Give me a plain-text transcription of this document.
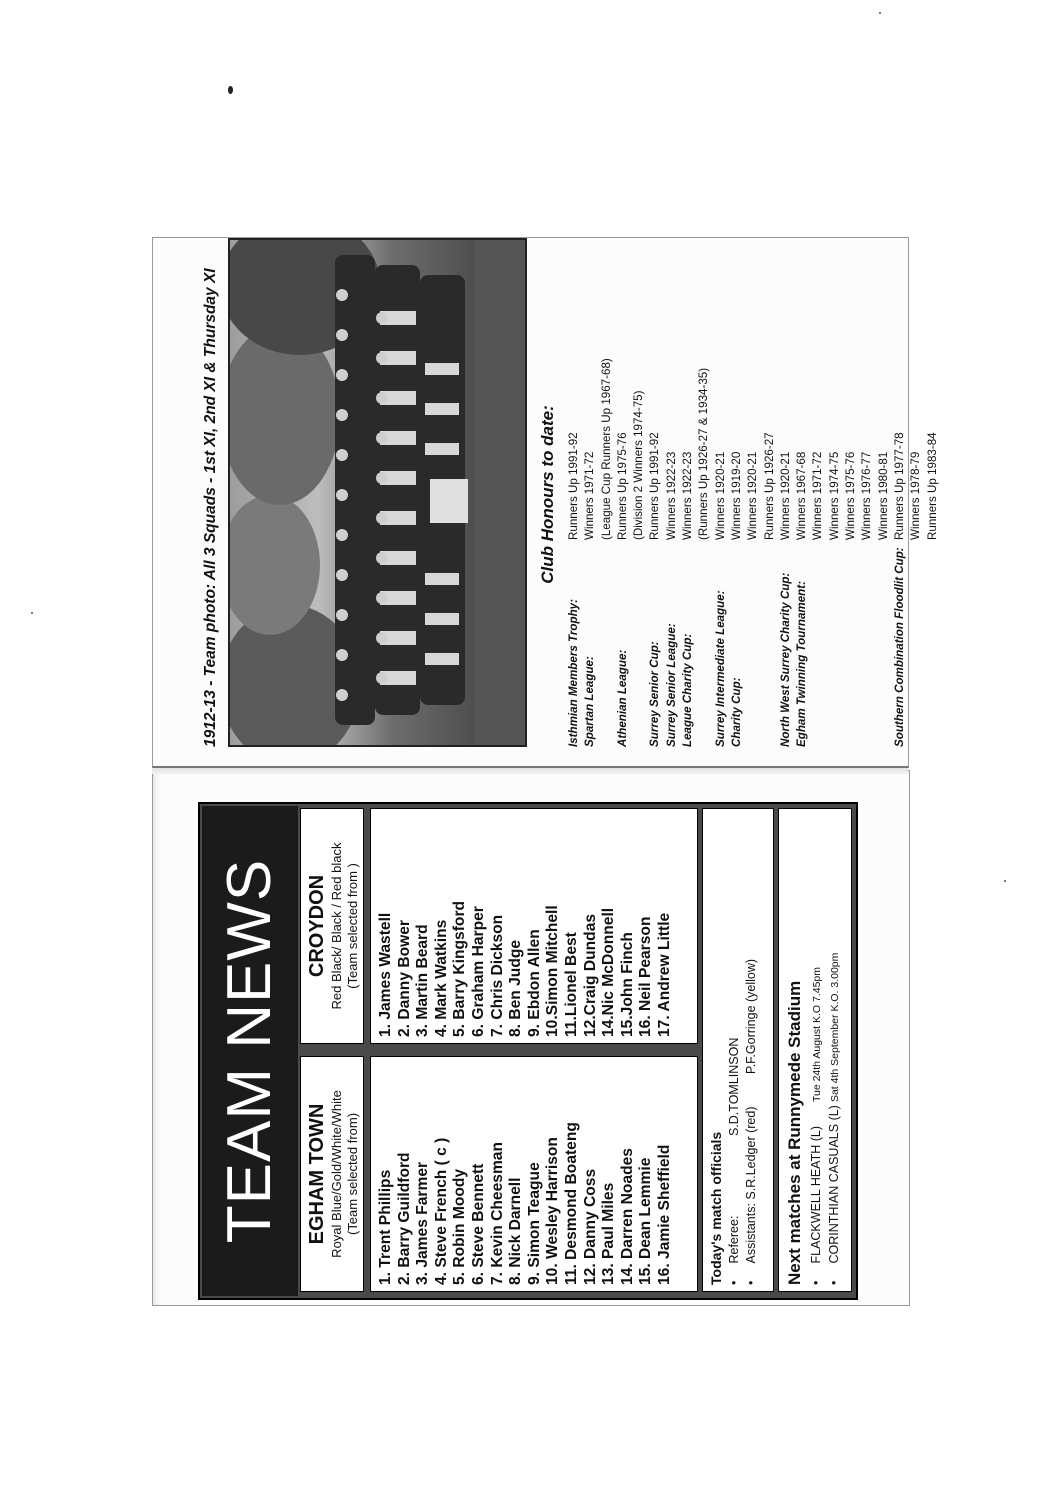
TEAM NEWS	EGHAM TOWN Royal Blue/Gold/White/White (Team selected from)
CROYDON Red Black/ Black / Red black (Team selected from )
1. Trent Phillips 2. Barry Guildford 3. James Farmer 4. Steve French ( c ) 5. Robin Moody 6. Steve Bennett 7. Kevin Cheesman 8. Nick Darnell 9. Simon Teague 10. Wesley Harrison 11. Desmond Boateng 12. Danny Coss 13. Paul Miles 14. Darren Noades 15. Dean Lemmie 16. Jamie Sheffield
1. James Wastell 2. Danny Bower 3. Martin Beard 4. Mark Watkins 5. Barry Kingsford 6. Graham Harper 7. Chris Dickson 8. Ben Judge 9. Ebdon Allen 10.Simon Mitchell 11.Lionel Best 12.Craig Dundas 14.Nic McDonnell 15.John Finch 16. Neil Pearson 17. Andrew Little
Today's match officials • Referee: S.D.TOMLINSON
• Assistants: S.R.Ledger (red) P.F.Gorringe (yellow) Next matches at Runnymede Stadium • FLACKWELL HEATH (L) Tue 24th August K.O 7.45pm
• CORINTHIAN CASUALS (L) Sat 4th September K.O. 3.00pm
1912-13 - Team photo: All 3 Squads - 1st XI, 2nd XI & Thursday XI	Club Honours to date:
Isthmian Members Trophy:
Runners Up 1991-92
Spartan League:
Winners 1971-72 (League Cup Runners Up 1967-68)
Athenian League:
Runners Up 1975-76 (Division 2 Winners 1974-75)
Surrey Senior Cup:
Runners Up 1991-92
Surrey Senior League:
Winners 1922-23
League Charity Cup:
Winners 1922-23 (Runners Up 1926-27 & 1934-35)
Surrey Intermediate League:
Winners 1920-21
Charity Cup:
Winners 1919-20 Winners 1920-21 Runners Up 1926-27
North West Surrey Charity Cup:
Winners 1920-21
Egham Twinning Tournament:
Winners 1967-68 Winners 1971-72 Winners 1974-75 Winners 1975-76 Winners 1976-77 Winners 1980-81
Southern Combination Floodlit Cup:
Runners Up 1977-78 Winners 1978-79 Runners Up 1983-84
